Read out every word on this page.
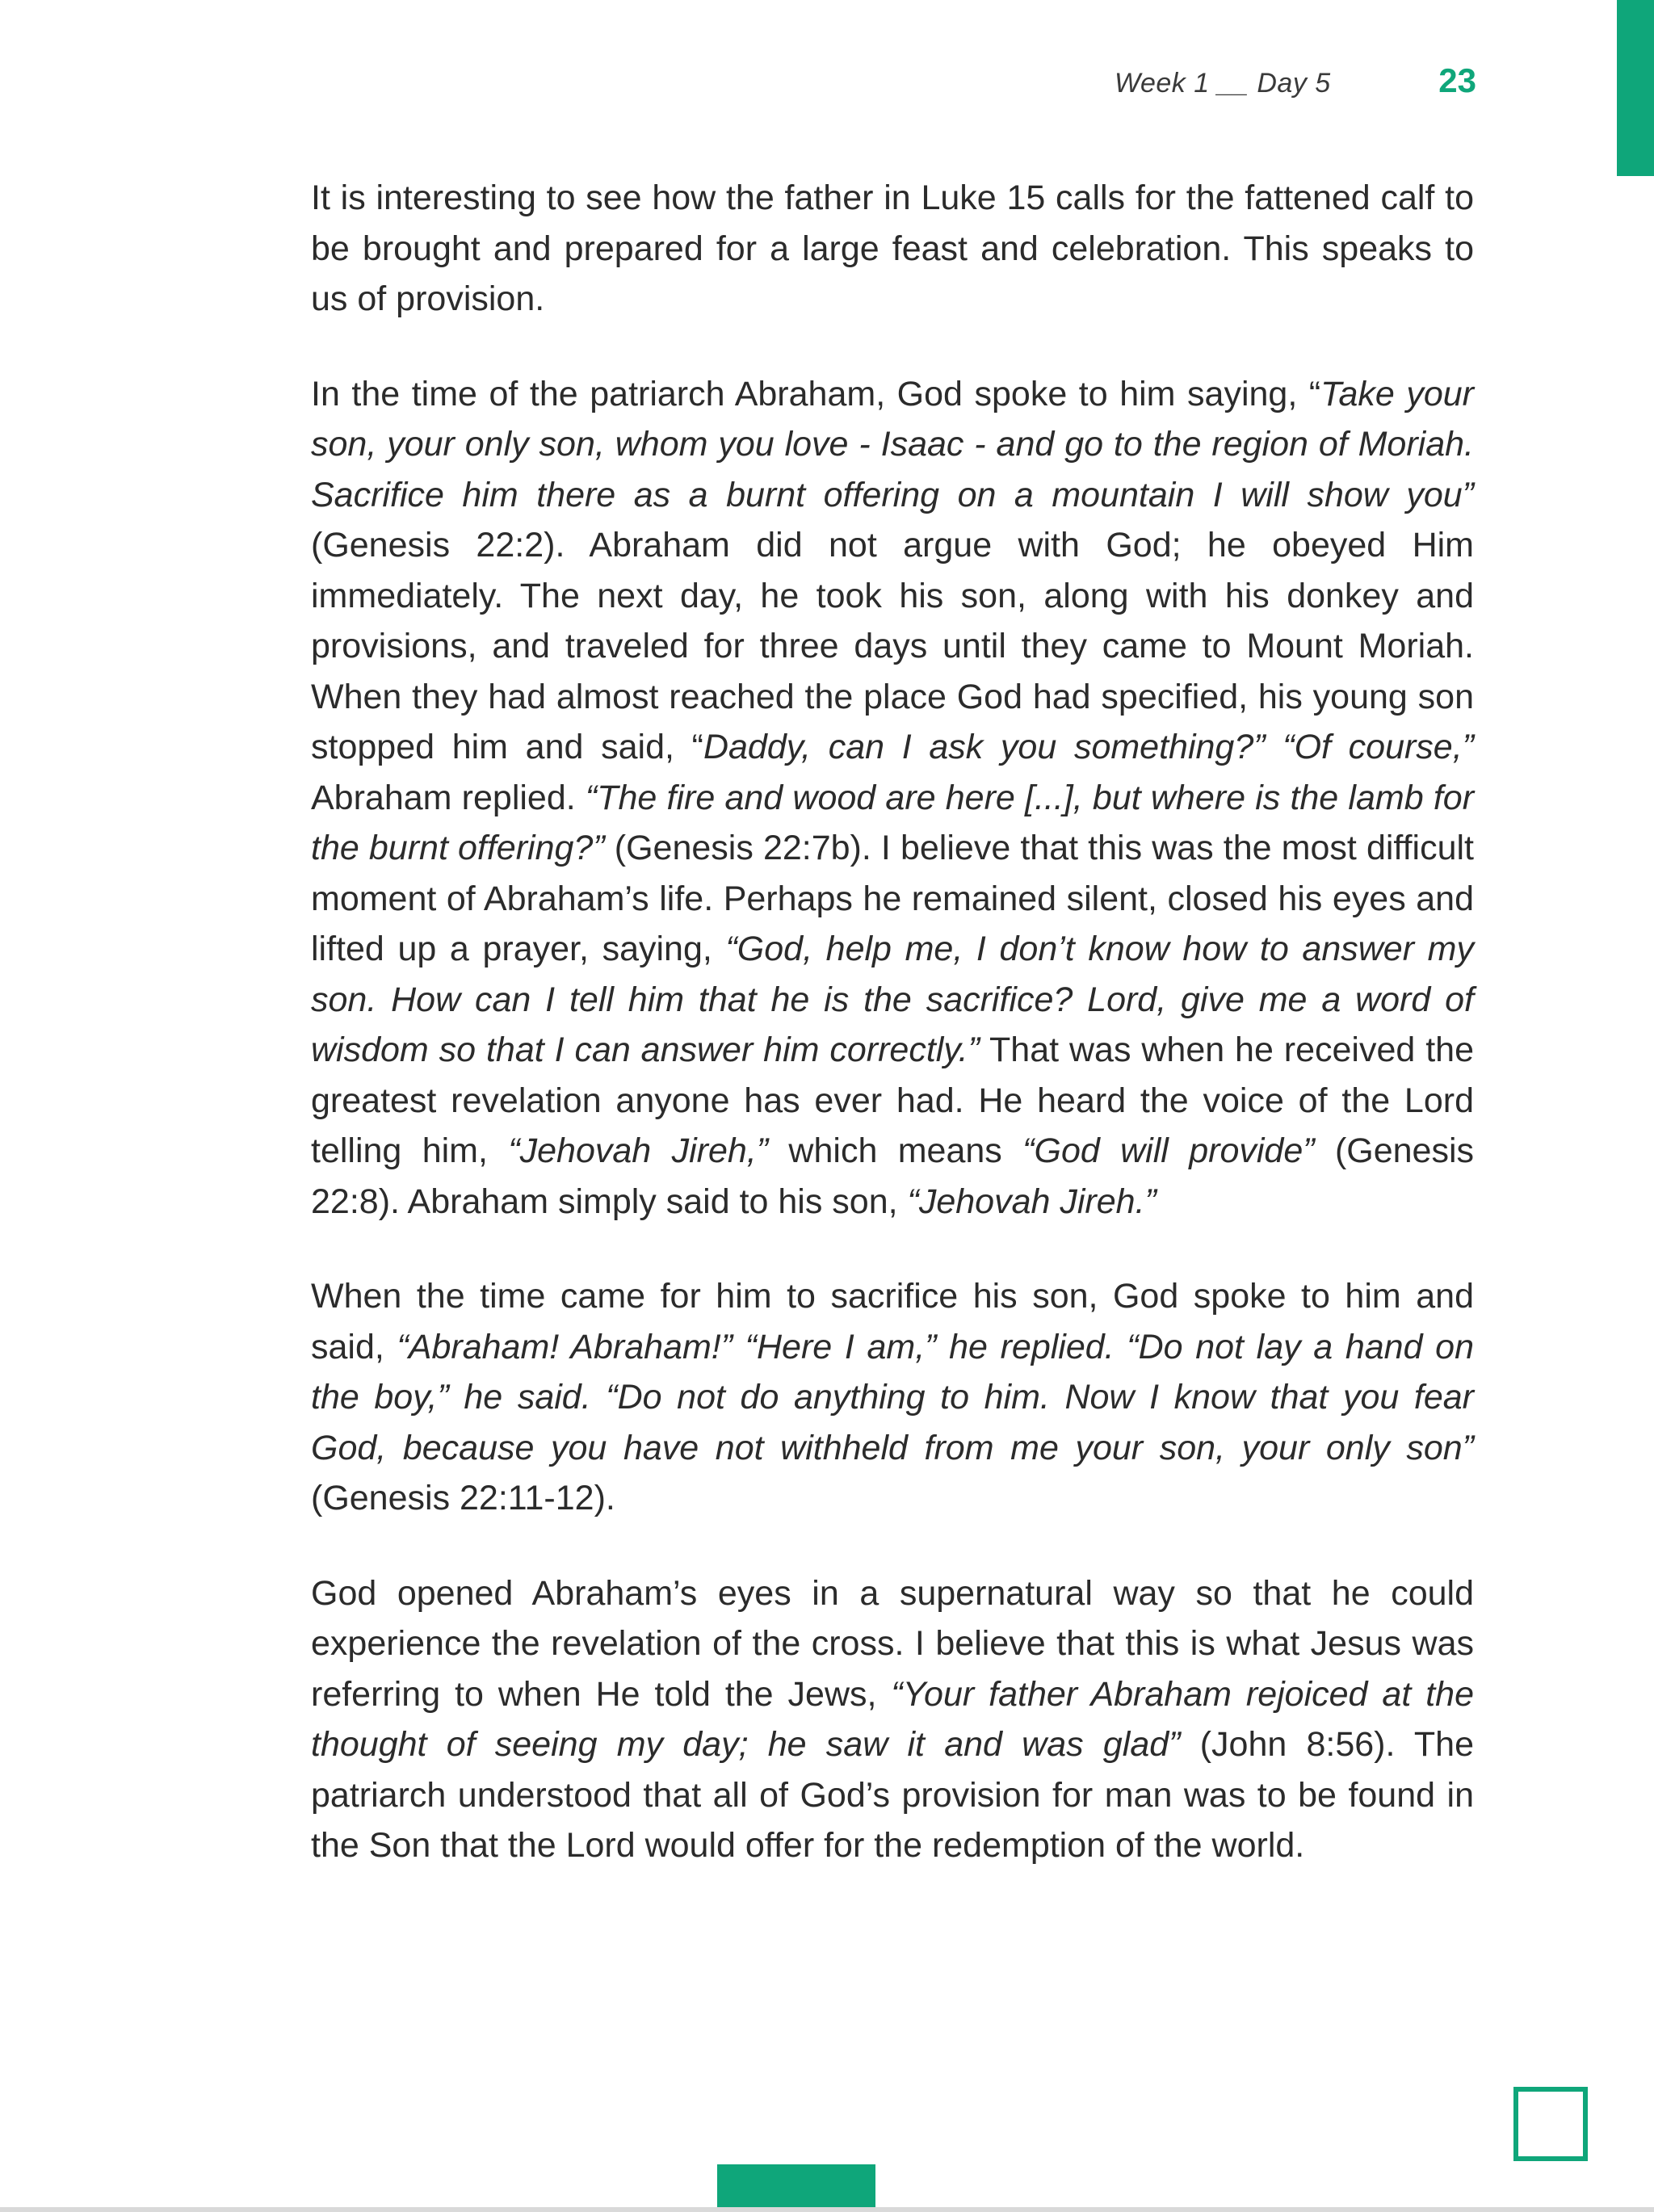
Week 1 __ Day 5	23

It is interesting to see how the father in Luke 15 calls for the fattened calf to be brought and prepared for a large feast and celebration. This speaks to us of provision.

In the time of the patriarch Abraham, God spoke to him saying, “Take your son, your only son, whom you love - Isaac - and go to the region of Moriah. Sacrifice him there as a burnt offering on a mountain I will show you” (Genesis 22:2). Abraham did not argue with God; he obeyed Him immediately. The next day, he took his son, along with his donkey and provisions, and traveled for three days until they came to Mount Moriah. When they had almost reached the place God had specified, his young son stopped him and said, “Daddy, can I ask you something?” “Of course,” Abraham replied. “The fire and wood are here [...], but where is the lamb for the burnt offering?” (Genesis 22:7b). I believe that this was the most difficult moment of Abraham’s life. Perhaps he remained silent, closed his eyes and lifted up a prayer, saying, “God, help me, I don’t know how to answer my son. How can I tell him that he is the sacrifice? Lord, give me a word of wisdom so that I can answer him correctly.” That was when he received the greatest revelation anyone has ever had. He heard the voice of the Lord telling him, “Jehovah Jireh,” which means “God will provide” (Genesis 22:8). Abraham simply said to his son, “Jehovah Jireh.”

When the time came for him to sacrifice his son, God spoke to him and said, “Abraham! Abraham!” “Here I am,” he replied. “Do not lay a hand on the boy,” he said. “Do not do anything to him. Now I know that you fear God, because you have not withheld from me your son, your only son” (Genesis 22:11-12).

God opened Abraham’s eyes in a supernatural way so that he could experience the revelation of the cross. I believe that this is what Jesus was referring to when He told the Jews, “Your father Abraham rejoiced at the thought of seeing my day; he saw it and was glad” (John 8:56). The patriarch understood that all of God’s provision for man was to be found in the Son that the Lord would offer for the redemption of the world.
